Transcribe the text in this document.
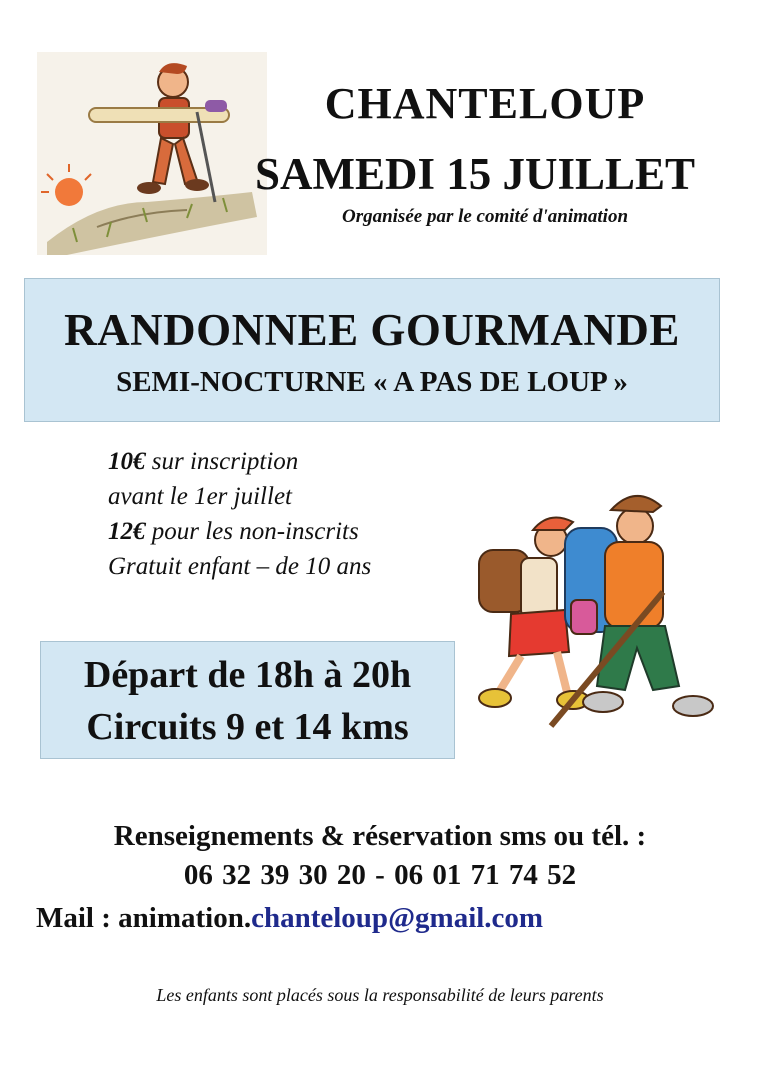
CHANTELOUP
SAMEDI 15 JUILLET
Organisée par le comité d'animation
RANDONNEE GOURMANDE
SEMI-NOCTURNE « A PAS DE LOUP »
10€ sur inscription
avant le 1er juillet
12€ pour les non-inscrits
Gratuit enfant – de 10 ans
Départ de 18h à 20h
Circuits 9 et 14 kms
Renseignements & réservation sms ou tél. :
06 32 39 30 20 - 06 01 71 74 52
Mail : animation.chanteloup@gmail.com
Les enfants sont placés sous la responsabilité de leurs parents
